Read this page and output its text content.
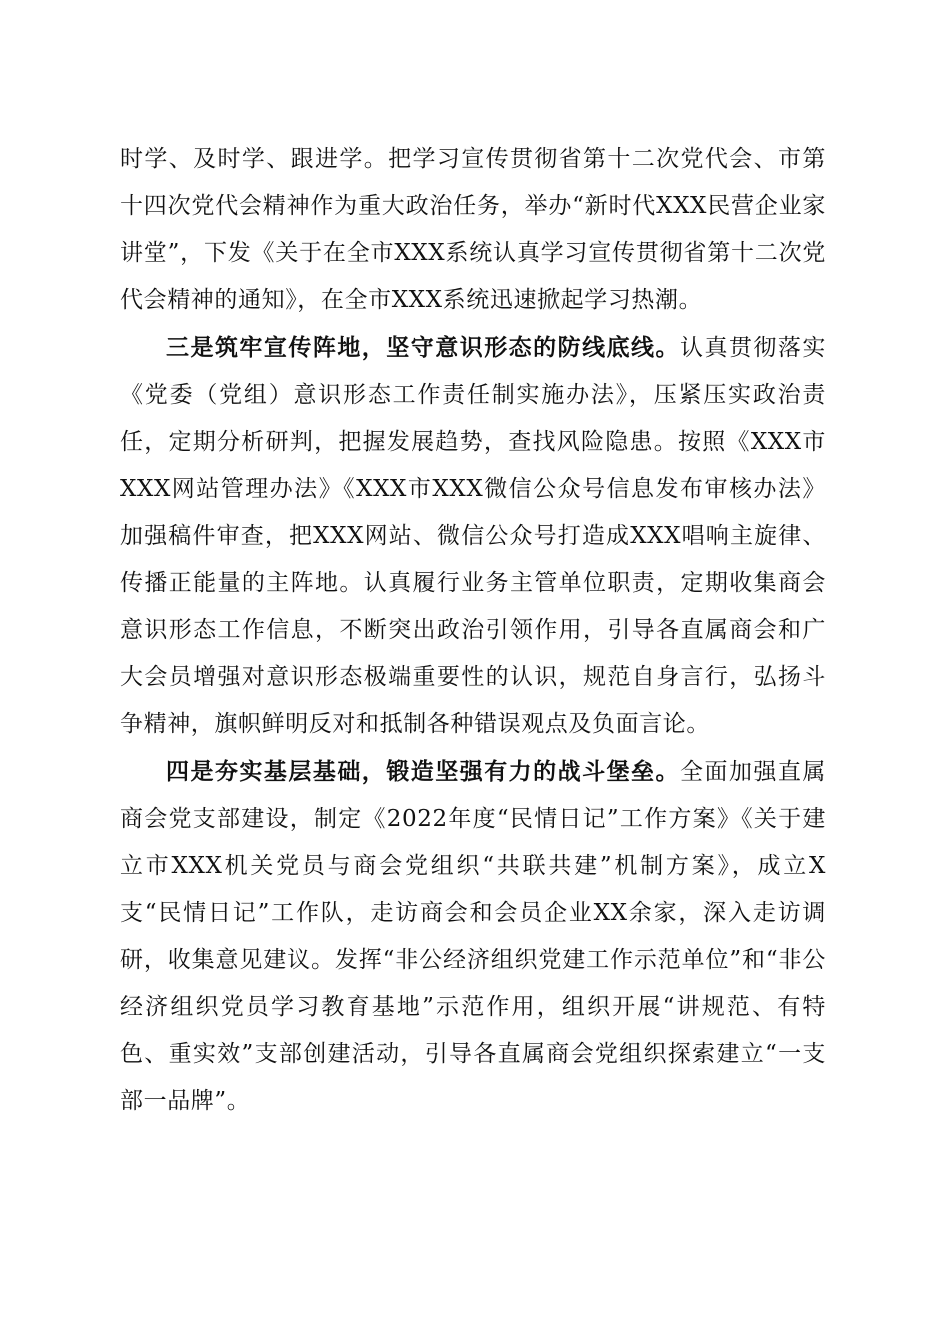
时学、及时学、跟进学。把学习宣传贯彻省第十二次党代会、市第十四次党代会精神作为重大政治任务，举办“新时代XXX民营企业家讲堂”，下发《关于在全市XXX系统认真学习宣传贯彻省第十二次党代会精神的通知》，在全市XXX系统迅速掀起学习热潮。

三是筑牢宣传阵地，坚守意识形态的防线底线。认真贯彻落实《党委（党组）意识形态工作责任制实施办法》，压紧压实政治责任，定期分析研判，把握发展趋势，查找风险隐患。按照《XXX市XXX网站管理办法》《XXX市XXX微信公众号信息发布审核办法》加强稿件审查，把XXX网站、微信公众号打造成XXX唱响主旋律、传播正能量的主阵地。认真履行业务主管单位职责，定期收集商会意识形态工作信息，不断突出政治引领作用，引导各直属商会和广大会员增强对意识形态极端重要性的认识，规范自身言行，弘扬斗争精神，旗帜鲜明反对和抵制各种错误观点及负面言论。

四是夯实基层基础，锻造坚强有力的战斗堡垒。全面加强直属商会党支部建设，制定《2022年度“民情日记”工作方案》《关于建立市XXX机关党员与商会党组织“共联共建”机制方案》，成立X支“民情日记”工作队，走访商会和会员企业XX余家，深入走访调研，收集意见建议。发挥“非公经济组织党建工作示范单位”和“非公经济组织党员学习教育基地”示范作用，组织开展“讲规范、有特色、重实效”支部创建活动，引导各直属商会党组织探索建立“一支部一品牌”。
